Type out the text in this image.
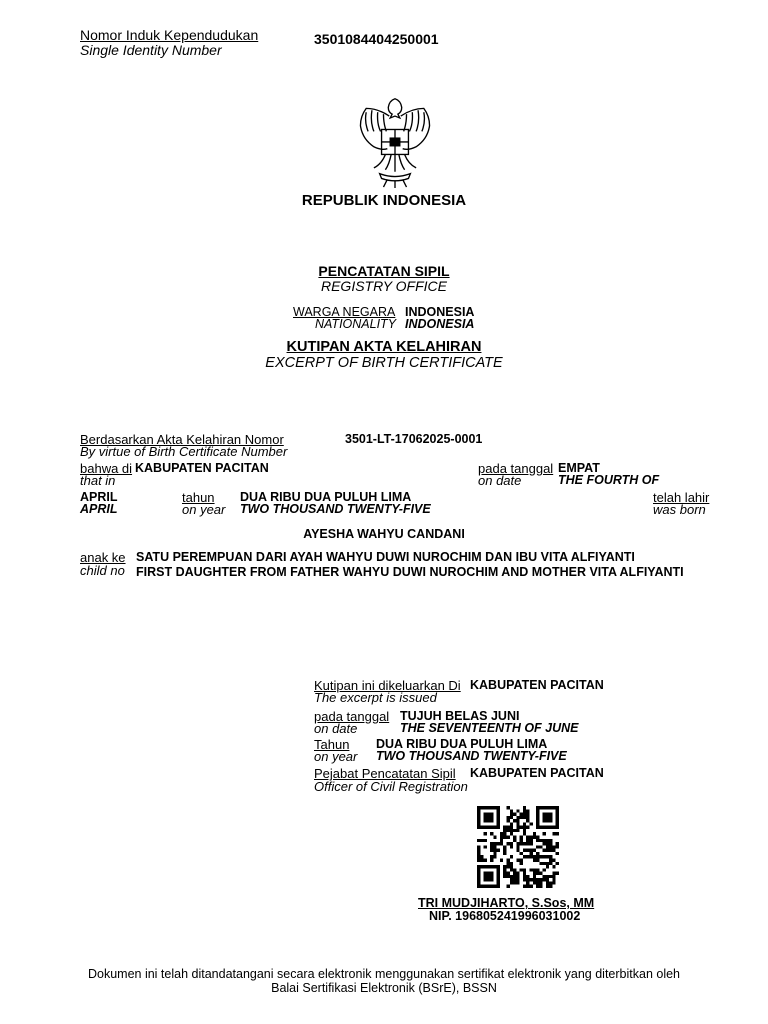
Nomor Induk Kependudukan
Single Identity Number
3501084404250001
REPUBLIK INDONESIA
PENCATATAN SIPIL
REGISTRY OFFICE
WARGA NEGARA INDONESIA
NATIONALITY INDONESIA
KUTIPAN AKTA KELAHIRAN
EXCERPT OF BIRTH CERTIFICATE
Berdasarkan Akta Kelahiran Nomor
By virtue of Birth Certificate Number
3501-LT-17062025-0001
bahwa di KABUPATEN PACITAN
that in
pada tanggal EMPAT
on date	THE FOURTH OF
APRIL
APRIL
tahun
on year
DUA RIBU DUA PULUH LIMA
TWO THOUSAND TWENTY-FIVE
telah lahir
was born
AYESHA WAHYU CANDANI
anak ke
child no
SATU PEREMPUAN DARI AYAH WAHYU DUWI NUROCHIM DAN IBU VITA ALFIYANTI
FIRST DAUGHTER FROM FATHER WAHYU DUWI NUROCHIM AND MOTHER VITA ALFIYANTI
Kutipan ini dikeluarkan Di
The excerpt is issued
KABUPATEN PACITAN
pada tanggal
on date
TUJUH BELAS JUNI
THE SEVENTEENTH OF JUNE
Tahun
on year
DUA RIBU DUA PULUH LIMA
TWO THOUSAND TWENTY-FIVE
Pejabat Pencatatan Sipil
Officer of Civil Registration
KABUPATEN PACITAN
TRI MUDJIHARTO, S.Sos, MM
NIP. 196805241996031002
Dokumen ini telah ditandatangani secara elektronik menggunakan sertifikat elektronik yang diterbitkan oleh
Balai Sertifikasi Elektronik (BSrE), BSSN
